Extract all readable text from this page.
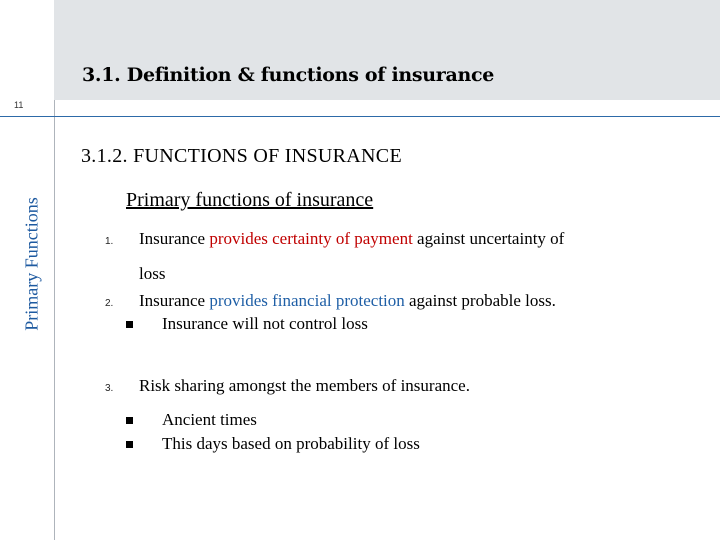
3.1. Definition & functions of insurance
11
Primary Functions
3.1.2. FUNCTIONS OF INSURANCE
Primary functions of insurance
1. Insurance provides certainty of payment against uncertainty of
loss
2. Insurance provides financial protection against probable loss.
Insurance will not control loss
3. Risk sharing amongst the members of insurance.
Ancient times
This days based on probability of loss
